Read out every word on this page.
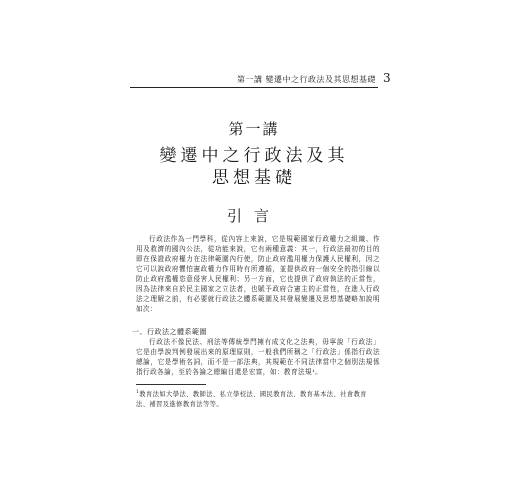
第一講 變遷中之行政法及其思想基礎 3
第一講
變遷中之行政法及其
思想基礎
引言

行政法作為一門學科，從內容上來說，它是規範國家行政權力之組織、作用及救濟的國內公法，從功能來說，它有兩種意義：其一，行政法最初的目的即在保證政府權力在法律範圍內行使，防止政府濫用權力保護人民權利，因之它可以說政府懼怕憲政權力作用時有所遵循，並提供政府一個安全的指引線以防止政府濫權恣意侵害人民權利；另一方面，它也提供了政府執法的正當性，因為法律來自於民主國家之立法者，也賦予政府合憲主的正當性，在進入行政法之理解之前，有必要就行政法之體系範圍及其發展變遷及思想基礎略加說明如次：

一、行政法之體系範圍

行政法不像民法、刑法等傳統學門擁有成文化之法典，毋寧說「行政法」它是由學說判例發展出來的原理原則，一般我們所稱之「行政法」係指行政法總論，它是學術名詞，而不是一部法典，其規範在不同法律當中之個別法規係指行政各論，至於各論之總編目還是宏富，如：教育法規¹。

$^1$教育法如大學法、教師法、私立學校法、國民教育法、教育基本法、社會教育法、補習及進修教育法等等。
